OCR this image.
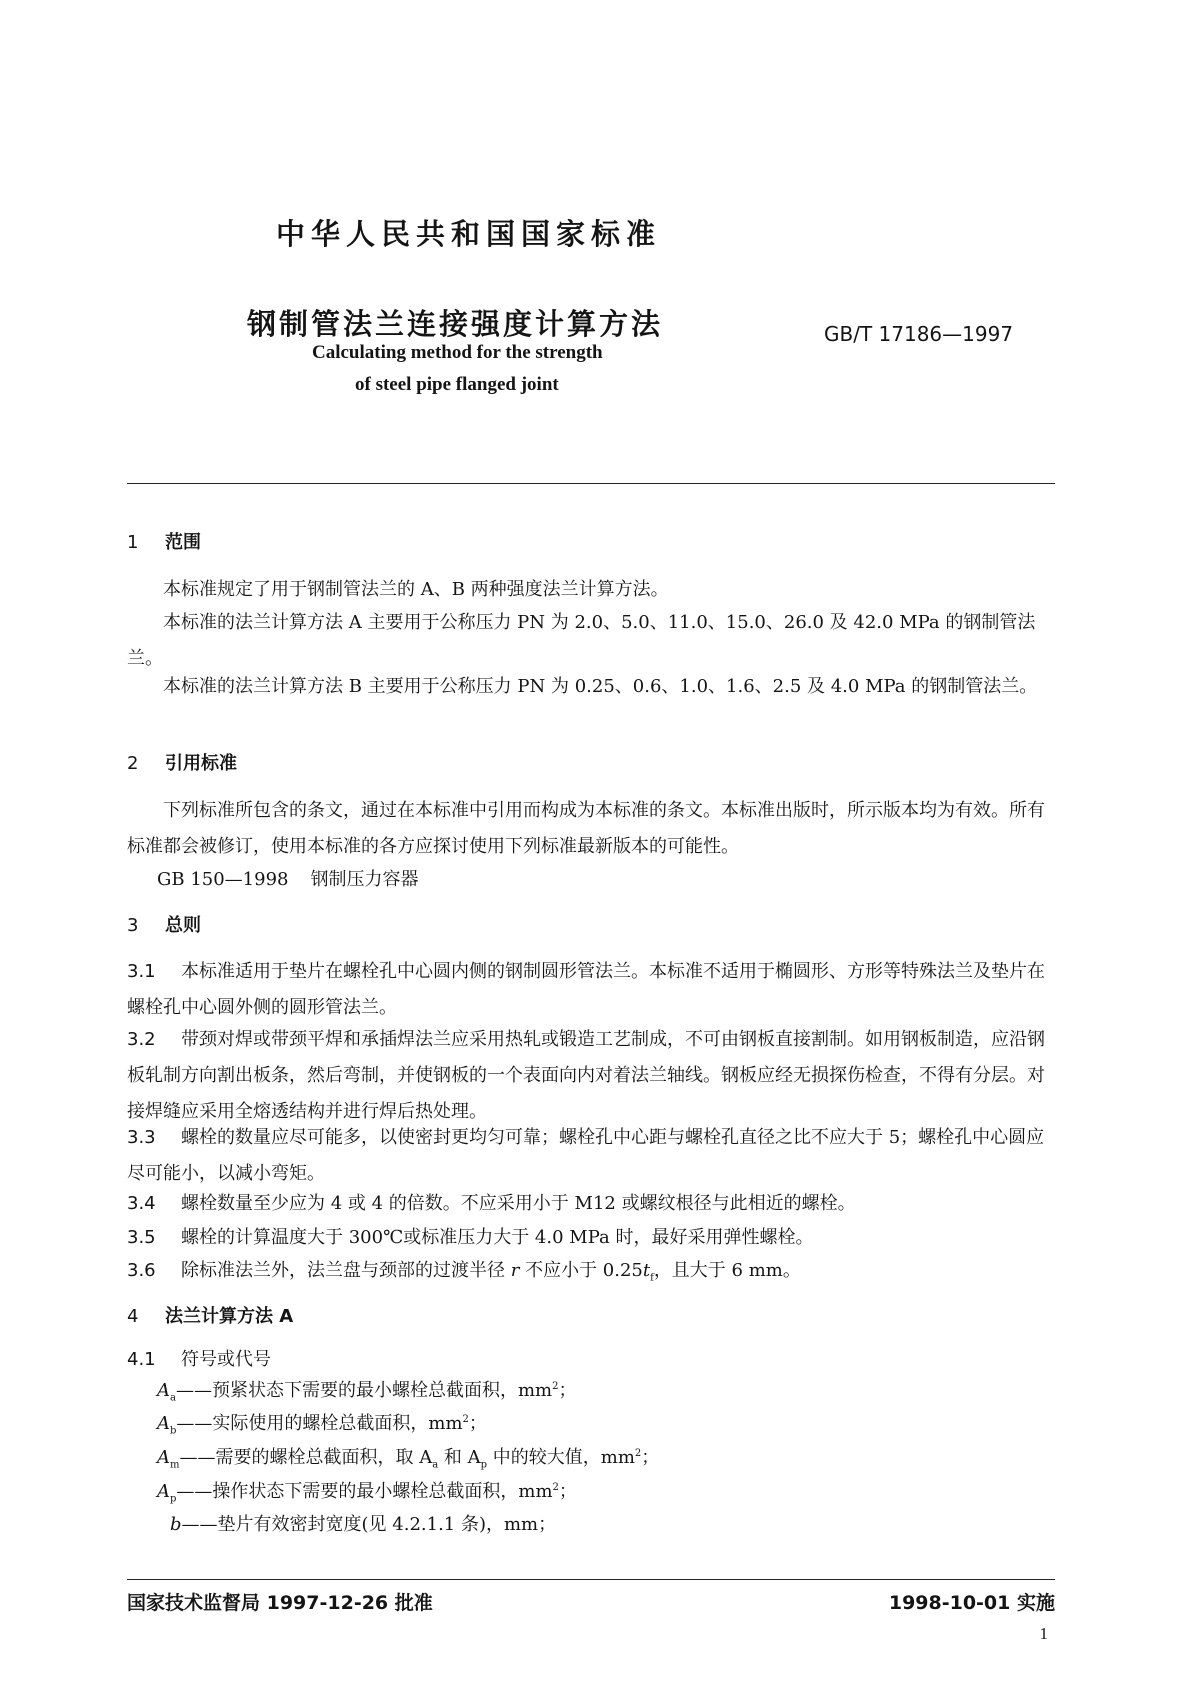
中华人民共和国国家标准
钢制管法兰连接强度计算方法	GB/T 17186—1997
Calculating method for the strength
of steel pipe flanged joint
1 范围
本标准规定了用于钢制管法兰的 A、B 两种强度法兰计算方法。
本标准的法兰计算方法 A 主要用于公称压力 PN 为 2.0、5.0、11.0、15.0、26.0 及 42.0 MPa 的钢制管法兰。
本标准的法兰计算方法 B 主要用于公称压力 PN 为 0.25、0.6、1.0、1.6、2.5 及 4.0 MPa 的钢制管法兰。
2 引用标准
下列标准所包含的条文，通过在本标准中引用而构成为本标准的条文。本标准出版时，所示版本均为有效。所有标准都会被修订，使用本标准的各方应探讨使用下列标准最新版本的可能性。
GB 150—1998 钢制压力容器
3 总则
3.1 本标准适用于垫片在螺栓孔中心圆内侧的钢制圆形管法兰。本标准不适用于椭圆形、方形等特殊法兰及垫片在螺栓孔中心圆外侧的圆形管法兰。
3.2 带颈对焊或带颈平焊和承插焊法兰应采用热轧或锻造工艺制成，不可由钢板直接割制。如用钢板制造，应沿钢板轧制方向割出板条，然后弯制，并使钢板的一个表面向内对着法兰轴线。钢板应经无损探伤检查，不得有分层。对接焊缝应采用全熔透结构并进行焊后热处理。
3.3 螺栓的数量应尽可能多，以使密封更均匀可靠；螺栓孔中心距与螺栓孔直径之比不应大于 5；螺栓孔中心圆应尽可能小，以减小弯矩。
3.4 螺栓数量至少应为 4 或 4 的倍数。不应采用小于 M12 或螺纹根径与此相近的螺栓。
3.5 螺栓的计算温度大于 300℃或标准压力大于 4.0 MPa 时，最好采用弹性螺栓。
3.6 除标准法兰外，法兰盘与颈部的过渡半径 r 不应小于 $0.25t_f$，且大于 6 mm。
4 法兰计算方法 A
4.1 符号或代号
$A_a——$预紧状态下需要的最小螺栓总截面积，$mm^2$；
$A_b——$实际使用的螺栓总截面积，$mm^2$；
$A_m——$需要的螺栓总截面积，取 $A_a$ 和 $A_p$ 中的较大值，$mm^2$；
$A_p——$操作状态下需要的最小螺栓总截面积，$mm^2$；
b——垫片有效密封宽度(见 4.2.1.1 条)，mm；
国家技术监督局 1997-12-26 批准	1998-10-01 实施
1
